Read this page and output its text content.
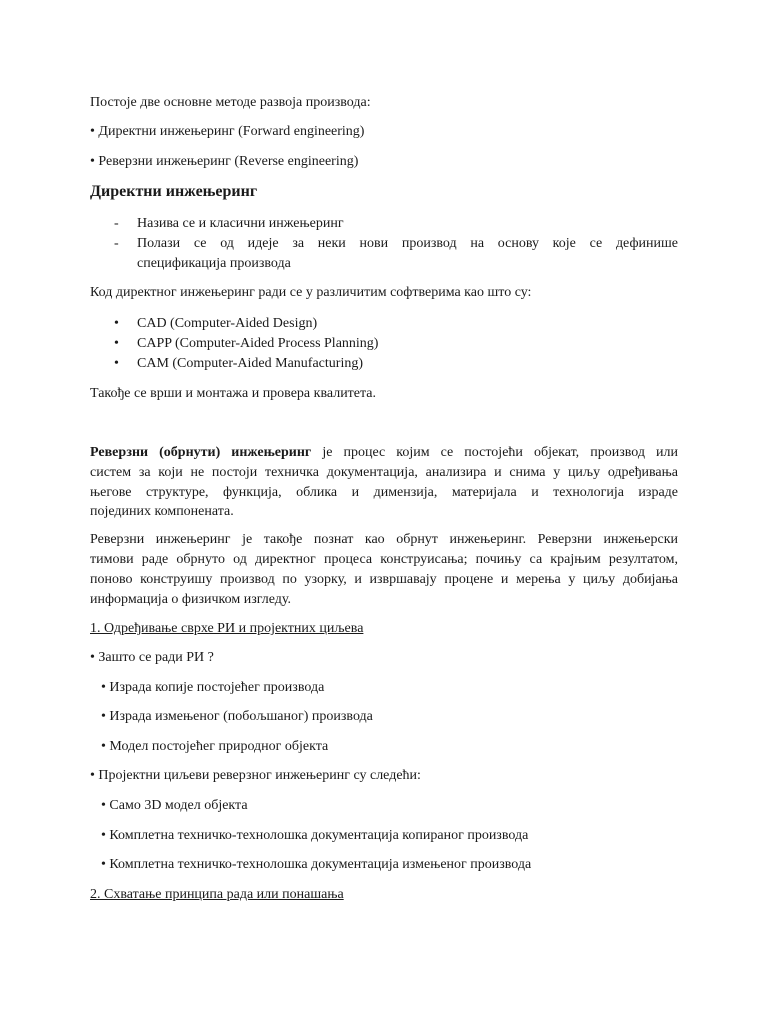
Постоје две основне методе развоја производа:
• Директни инжењеринг (Forward engineering)
• Реверзни инжењеринг (Reverse engineering)
Директни инжењеринг
- Назива се и класични инжењеринг
- Полази се од идеје за неки нови производ на основу које се дефинише
спецификација производа
Код директног инжењеринг ради се у различитим софтверима као што су:
• CAD (Computer-Aided Design)
• CAPP (Computer-Aided Process Planning)
• CAM (Computer-Aided Manufacturing)
Такође се врши и монтажа и провера квалитета.
Реверзни (обрнути) инжењеринг је процес којим се постојећи објекат, производ или
систем за који не постоји техничка документација, анализира и снима у циљу одређивања
његове структуре, функција, облика и димензија, материјала и технологија израде
појединих компонената.
Реверзни инжењеринг је такође познат као обрнут инжењеринг. Реверзни инжењерски
тимови раде обрнуто од директног процеса конструисања; почињу са крајњим резултатом,
поново конструишу производ по узорку, и извршавају процене и мерења у циљу добијања
информација о физичком изгледу.
1. Одређивање сврхе РИ и пројектних циљева
• Зашто се ради РИ ?
• Израда копије постојећег производа
• Израда измењеног (побољшаног) производа
• Модел постојећег природног објекта
• Пројектни циљеви реверзног инжењеринг су следећи:
• Само 3D модел објекта
• Комплетна техничко-технолошка документација копираног производа
• Комплетна техничко-технолошка документација измењеног производа
2. Схватање принципа рада или понашања
